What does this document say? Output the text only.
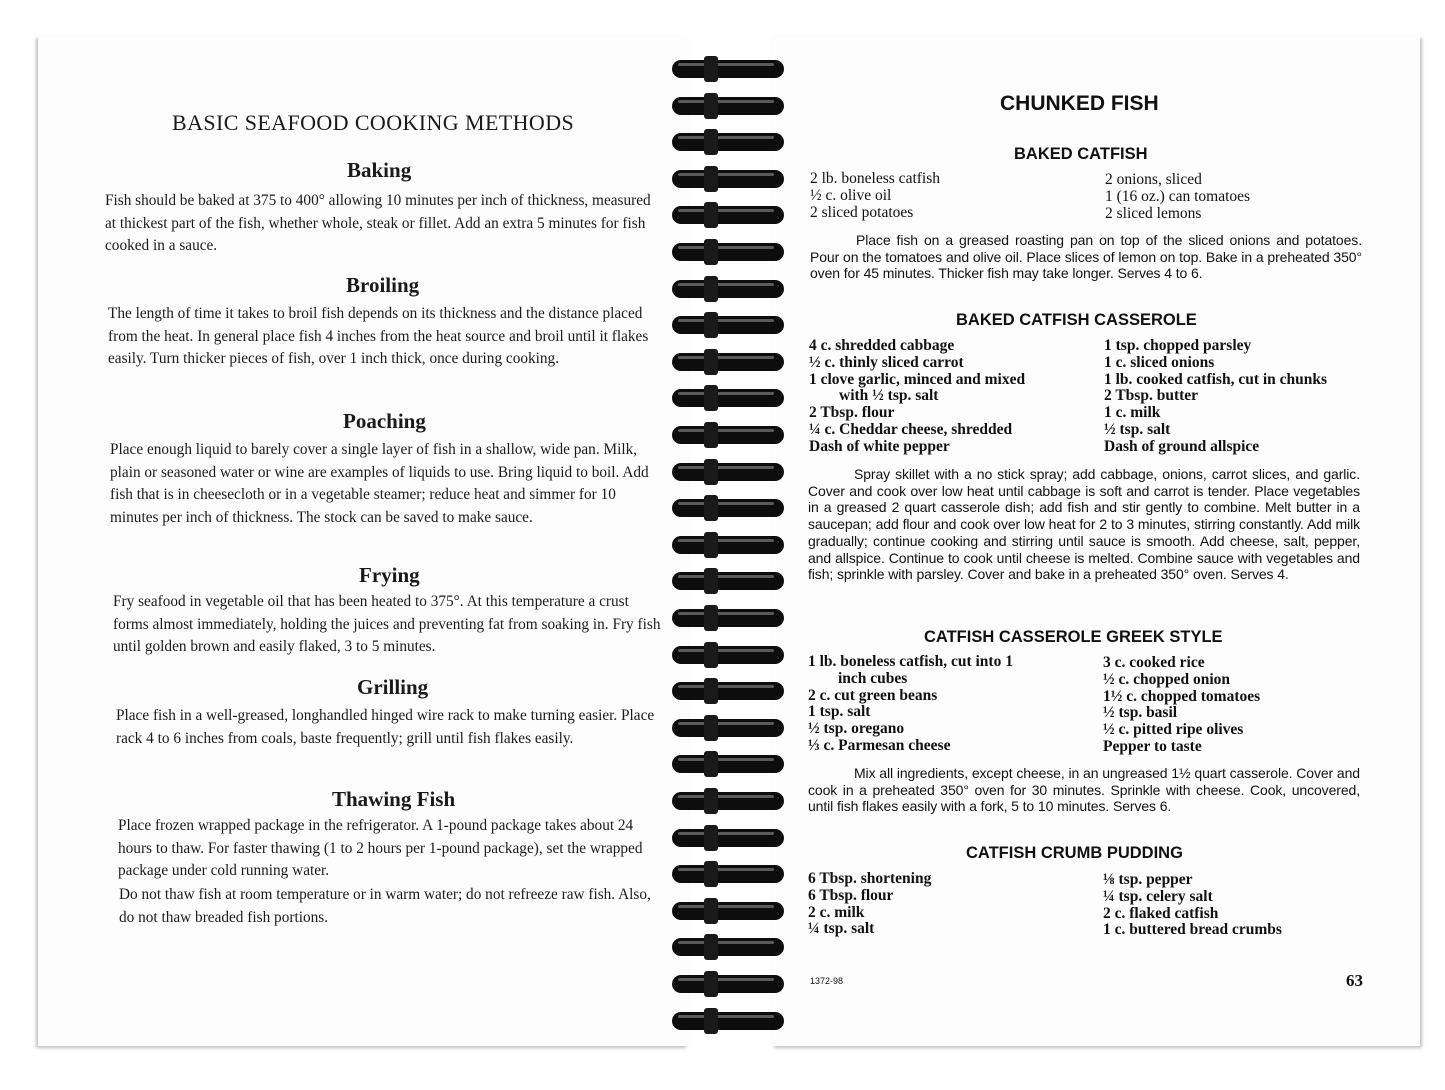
BASIC SEAFOOD COOKING METHODS
Baking
Fish should be baked at 375 to 400° allowing 10 minutes per inch of thickness, measured at thickest part of the fish, whether whole, steak or fillet. Add an extra 5 minutes for fish cooked in a sauce.
Broiling
The length of time it takes to broil fish depends on its thickness and the distance placed from the heat. In general place fish 4 inches from the heat source and broil until it flakes easily. Turn thicker pieces of fish, over 1 inch thick, once during cooking.
Poaching
Place enough liquid to barely cover a single layer of fish in a shallow, wide pan. Milk, plain or seasoned water or wine are examples of liquids to use. Bring liquid to boil. Add fish that is in cheesecloth or in a vegetable steamer; reduce heat and simmer for 10 minutes per inch of thickness. The stock can be saved to make sauce.
Frying
Fry seafood in vegetable oil that has been heated to 375°. At this temperature a crust forms almost immediately, holding the juices and preventing fat from soaking in. Fry fish until golden brown and easily flaked, 3 to 5 minutes.
Grilling
Place fish in a well-greased, longhandled hinged wire rack to make turning easier. Place rack 4 to 6 inches from coals, baste frequently; grill until fish flakes easily.
Thawing Fish
Place frozen wrapped package in the refrigerator. A 1-pound package takes about 24 hours to thaw. For faster thawing (1 to 2 hours per 1-pound package), set the wrapped package under cold running water.
Do not thaw fish at room temperature or in warm water; do not refreeze raw fish. Also, do not thaw breaded fish portions.
CHUNKED FISH
BAKED CATFISH
2 lb. boneless catfish
½ c. olive oil
2 sliced potatoes
2 onions, sliced
1 (16 oz.) can tomatoes
2 sliced lemons
Place fish on a greased roasting pan on top of the sliced onions and potatoes. Pour on the tomatoes and olive oil. Place slices of lemon on top. Bake in a preheated 350° oven for 45 minutes. Thicker fish may take longer. Serves 4 to 6.
BAKED CATFISH CASSEROLE
4 c. shredded cabbage
½ c. thinly sliced carrot
1 clove garlic, minced and mixed
with ½ tsp. salt
2 Tbsp. flour
¼ c. Cheddar cheese, shredded
Dash of white pepper
1 tsp. chopped parsley
1 c. sliced onions
1 lb. cooked catfish, cut in chunks
2 Tbsp. butter
1 c. milk
½ tsp. salt
Dash of ground allspice
Spray skillet with a no stick spray; add cabbage, onions, carrot slices, and garlic. Cover and cook over low heat until cabbage is soft and carrot is tender. Place vegetables in a greased 2 quart casserole dish; add fish and stir gently to combine. Melt butter in a saucepan; add flour and cook over low heat for 2 to 3 minutes, stirring constantly. Add milk gradually; continue cooking and stirring until sauce is smooth. Add cheese, salt, pepper, and allspice. Continue to cook until cheese is melted. Combine sauce with vegetables and fish; sprinkle with parsley. Cover and bake in a preheated 350° oven. Serves 4.
CATFISH CASSEROLE GREEK STYLE
1 lb. boneless catfish, cut into 1
inch cubes
2 c. cut green beans
1 tsp. salt
½ tsp. oregano
⅓ c. Parmesan cheese
3 c. cooked rice
½ c. chopped onion
1½ c. chopped tomatoes
½ tsp. basil
½ c. pitted ripe olives
Pepper to taste
Mix all ingredients, except cheese, in an ungreased 1½ quart casserole. Cover and cook in a preheated 350° oven for 30 minutes. Sprinkle with cheese. Cook, uncovered, until fish flakes easily with a fork, 5 to 10 minutes. Serves 6.
CATFISH CRUMB PUDDING
6 Tbsp. shortening
6 Tbsp. flour
2 c. milk
¼ tsp. salt
⅛ tsp. pepper
¼ tsp. celery salt
2 c. flaked catfish
1 c. buttered bread crumbs
1372-98	63
